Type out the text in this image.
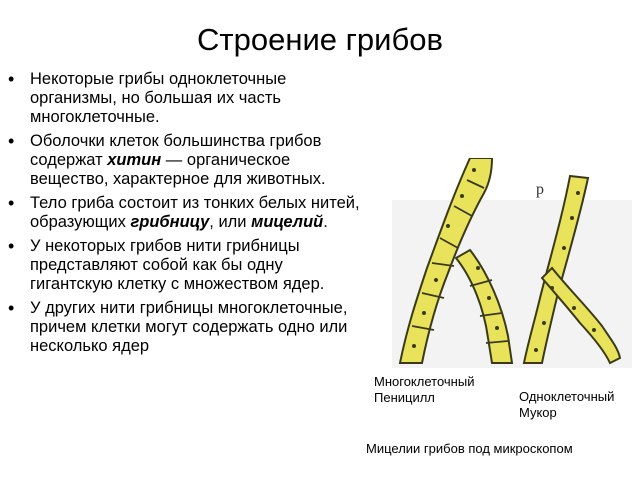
Строение грибов
• Некоторые грибы одноклеточные организмы, но большая их часть многоклеточные.
• Оболочки клеток большинства грибов содержат хитин — органическое вещество, характерное для животных.
• Тело гриба состоит из тонких белых нитей, образующих грибницу, или мицелий.
• У некоторых грибов нити грибницы представляют собой как бы одну гигантскую клетку с множеством ядер.
• У других нити грибницы многоклеточные, причем клетки могут содержать одно или несколько ядер
р
Многоклеточный
Пеницилл	Одноклеточный
Мукор
Мицелии грибов под микроскопом
